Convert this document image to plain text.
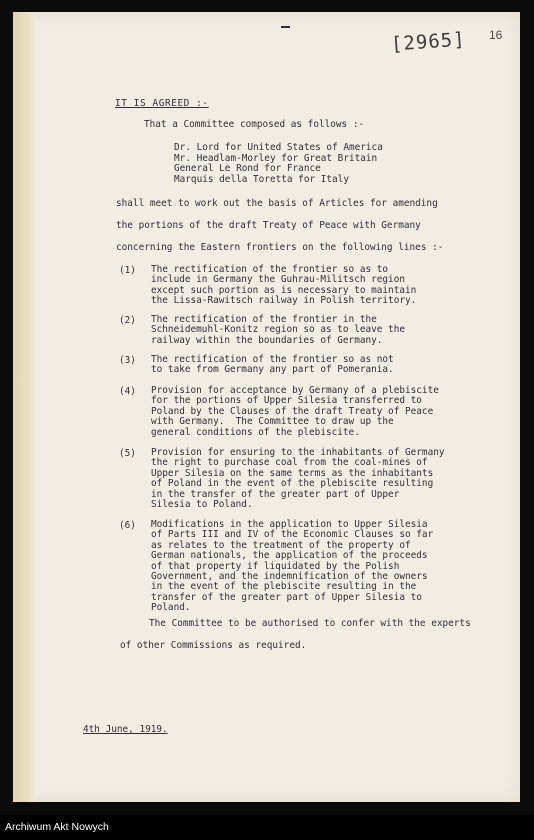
[2965] 16
IT IS AGREED :-
That a Committee composed as follows :-
Dr. Lord for United States of America
Mr. Headlam-Morley for Great Britain
General Le Rond for France
Marquis della Toretta for Italy
shall meet to work out the basis of Articles for amending
the portions of the draft Treaty of Peace with Germany
concerning the Eastern frontiers on the following lines :-
(1) The rectification of the frontier so as to
include in Germany the Guhrau-Militsch region
except such portion as is necessary to maintain
the Lissa-Rawitsch railway in Polish territory.
(2) The rectification of the frontier in the
Schneidemuhl-Konitz region so as to leave the
railway within the boundaries of Germany.
(3) The rectification of the frontier so as not
to take from Germany any part of Pomerania.
(4) Provision for acceptance by Germany of a plebiscite
for the portions of Upper Silesia transferred to
Poland by the Clauses of the draft Treaty of Peace
with Germany.  The Committee to draw up the
general conditions of the plebiscite.
(5) Provision for ensuring to the inhabitants of Germany
the right to purchase coal from the coal-mines of
Upper Silesia on the same terms as the inhabitants
of Poland in the event of the plebiscite resulting
in the transfer of the greater part of Upper
Silesia to Poland.
(6) Modifications in the application to Upper Silesia
of Parts III and IV of the Economic Clauses so far
as relates to the treatment of the property of
German nationals, the application of the proceeds
of that property if liquidated by the Polish
Government, and the indemnification of the owners
in the event of the plebiscite resulting in the
transfer of the greater part of Upper Silesia to
Poland.
The Committee to be authorised to confer with the experts
of other Commissions as required.
4th June, 1919.
Archiwum Akt Nowych
